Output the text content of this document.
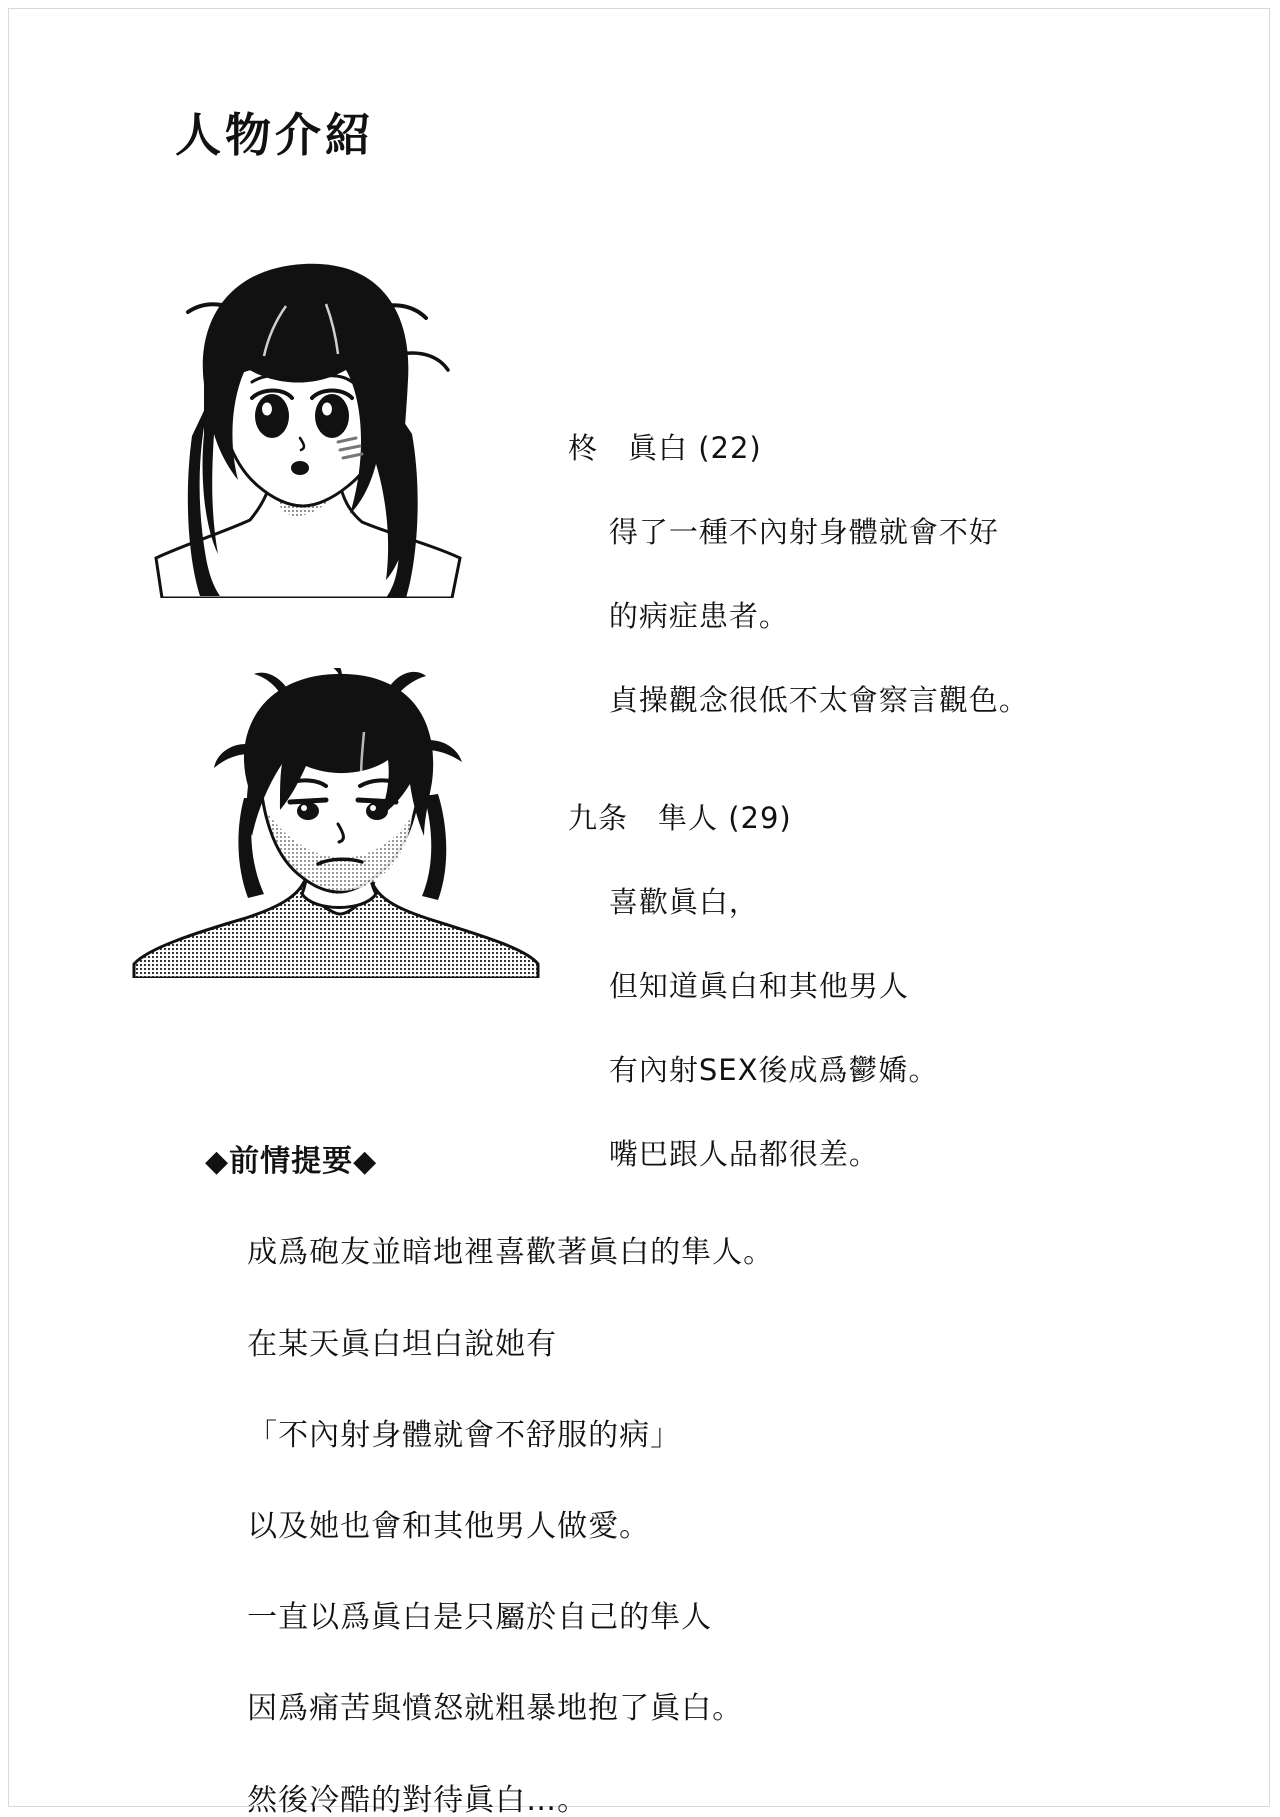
人物介紹

柊　眞白 (22)

得了一種不內射身體就會不好

的病症患者。

貞操觀念很低不太會察言觀色。

九条　隼人 (29)

喜歡眞白，

但知道眞白和其他男人

有內射SEX後成爲鬱嬌。

嘴巴跟人品都很差。

◆前情提要◆

成爲砲友並暗地裡喜歡著眞白的隼人。

在某天眞白坦白說她有

「不內射身體就會不舒服的病」

以及她也會和其他男人做愛。

一直以爲眞白是只屬於自己的隼人

因爲痛苦與憤怒就粗暴地抱了眞白。

然後冷酷的對待眞白…。
